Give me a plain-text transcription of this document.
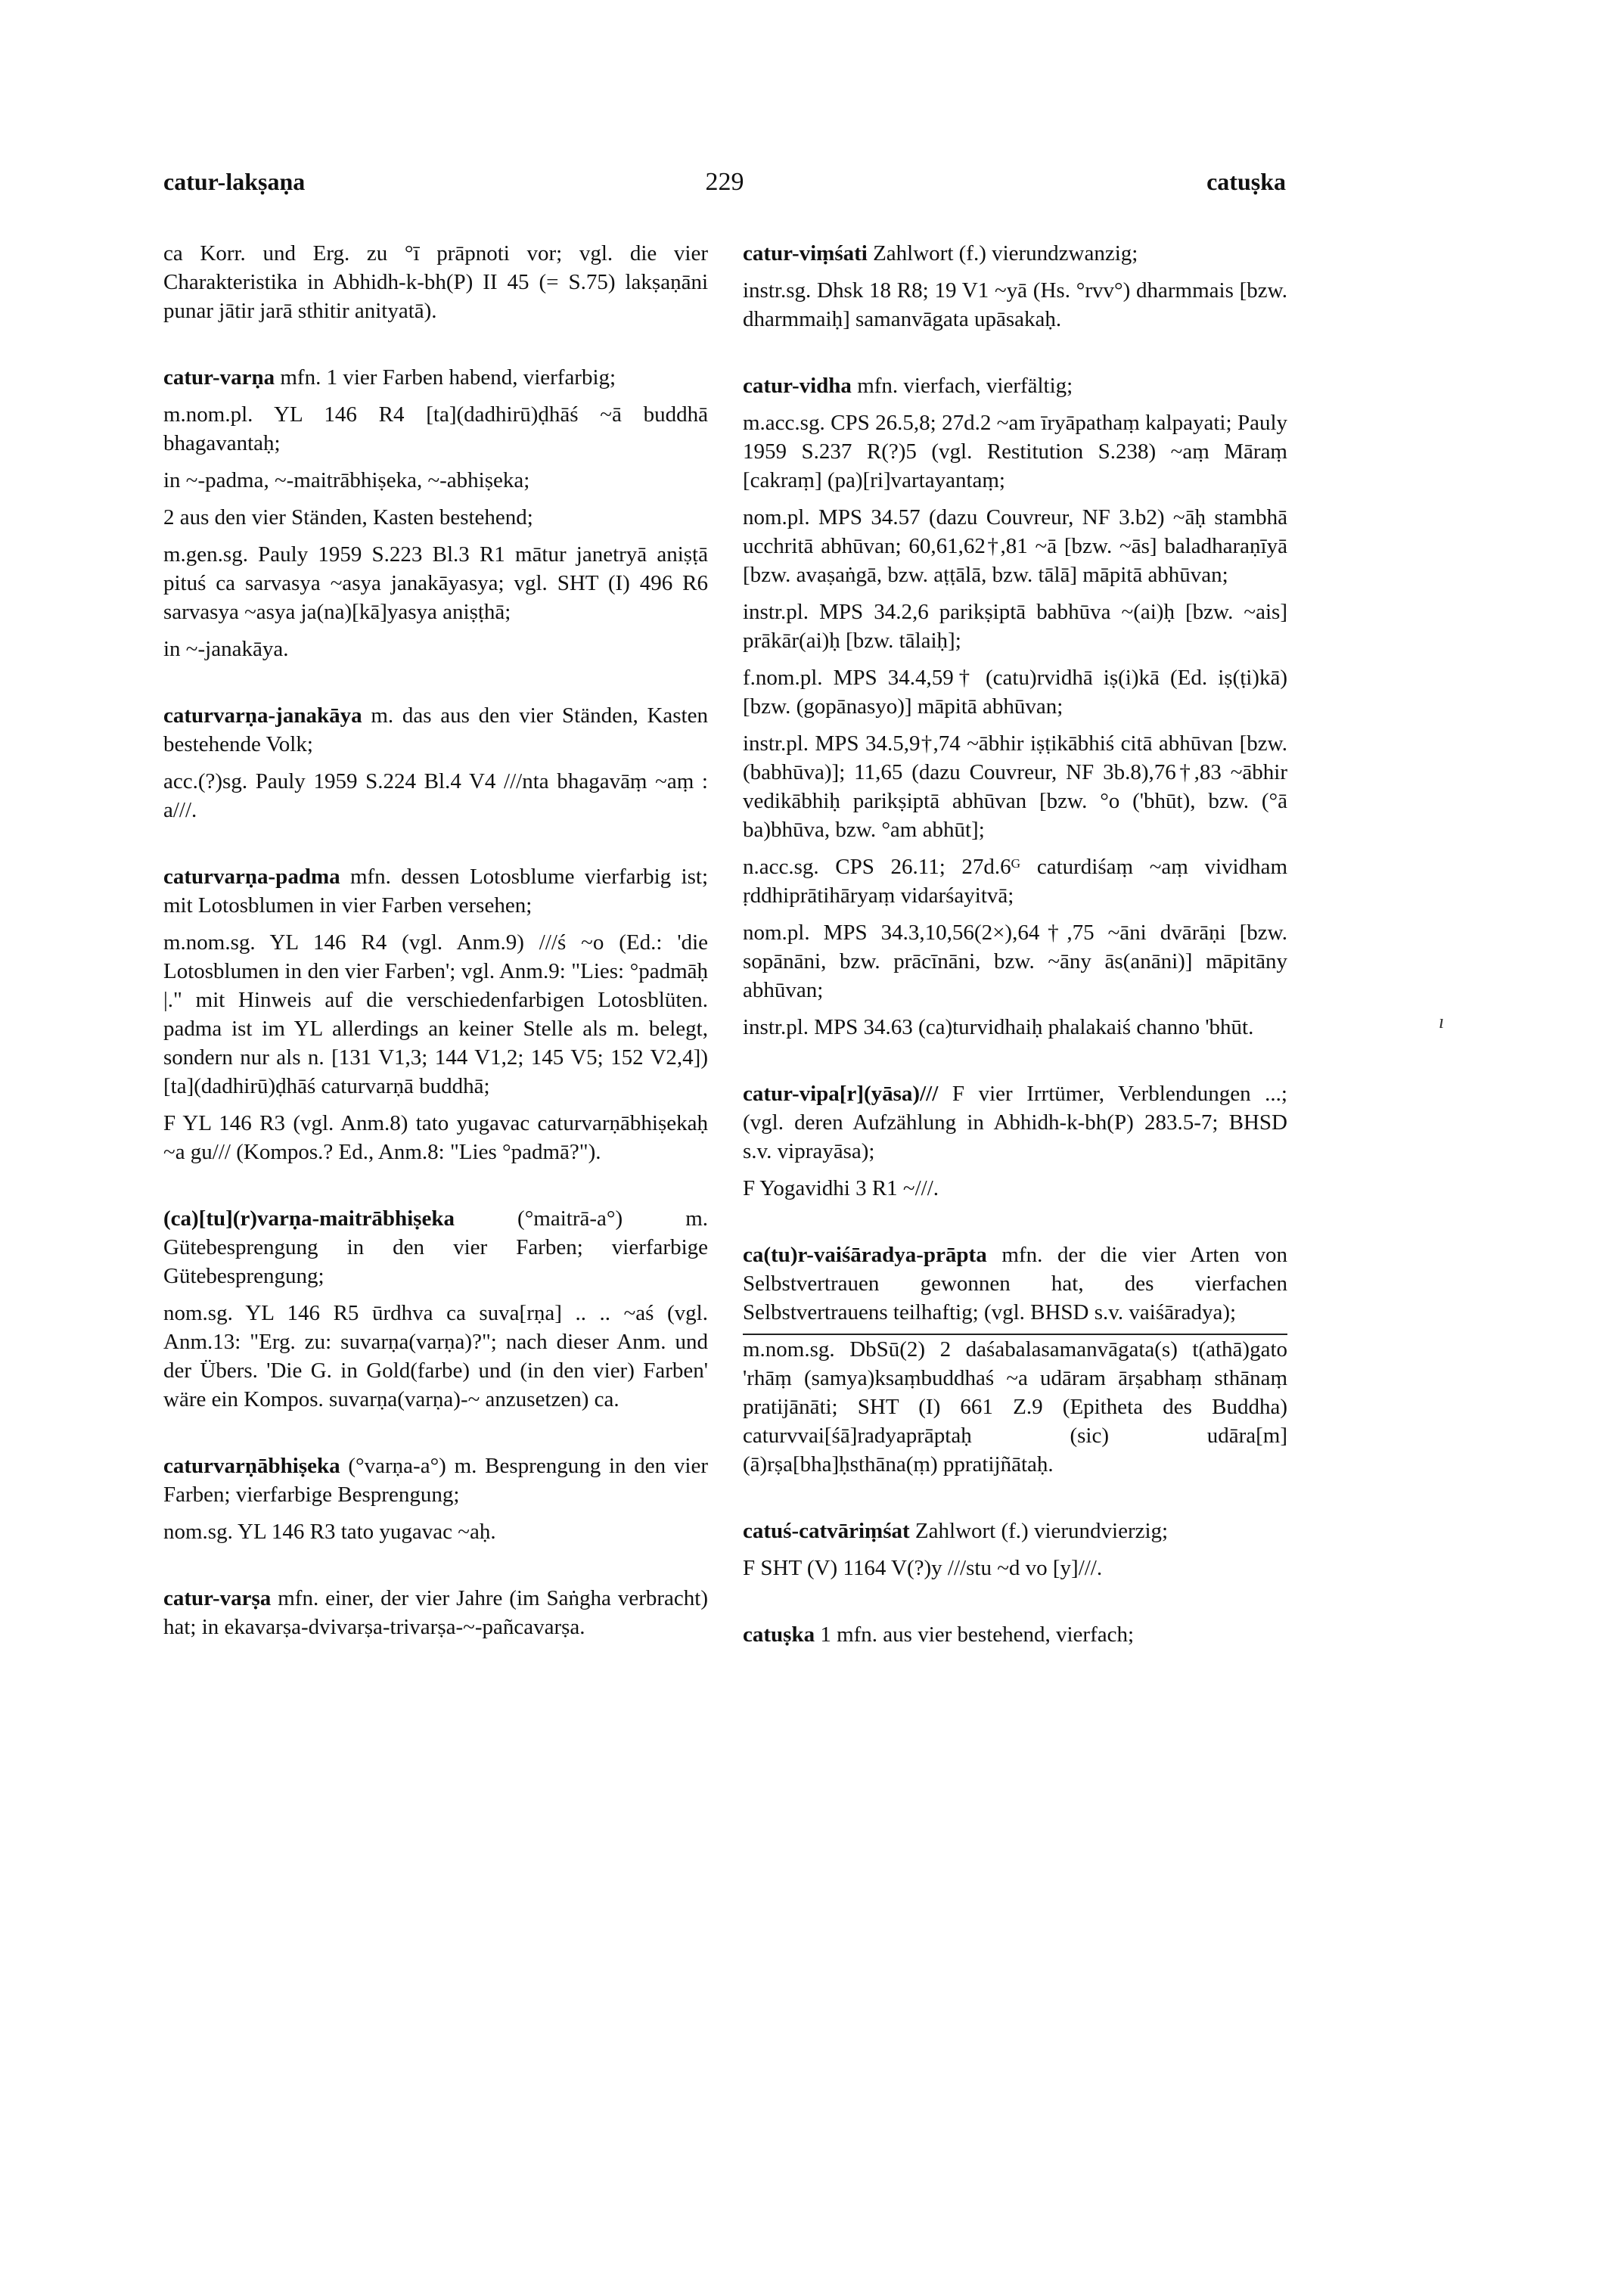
catur-lakṣaṇa	229	catuṣka

ca Korr. und Erg. zu °ī prāpnoti vor; vgl. die vier Charakteristika in Abhidh-k-bh(P) II 45 (= S.75) lakṣaṇāni punar jātir jarā sthitir anityatā).

catur-varṇa mfn. 1 vier Farben habend, vierfarbig;

m.nom.pl. YL 146 R4 [ta](dadhirū)ḍhāś ~ā buddhā bhagavantaḥ;

in ~-padma, ~-maitrābhiṣeka, ~-abhiṣeka;

2 aus den vier Ständen, Kasten bestehend;

m.gen.sg. Pauly 1959 S.223 Bl.3 R1 mātur janetryā aniṣṭā pituś ca sarvasya ~asya janakāyasya; vgl. SHT (I) 496 R6 sarvasya ~asya ja(na)[kā]yasya aniṣṭhā;

in ~-janakāya.

caturvarṇa-janakāya m. das aus den vier Ständen, Kasten bestehende Volk;

acc.(?)sg. Pauly 1959 S.224 Bl.4 V4 ///nta bhagavāṃ ~aṃ : a///.

caturvarṇa-padma mfn. dessen Lotosblume vierfarbig ist; mit Lotosblumen in vier Farben versehen;

m.nom.sg. YL 146 R4 (vgl. Anm.9) ///ś ~o (Ed.: 'die Lotosblumen in den vier Farben'; vgl. Anm.9: "Lies: °padmāḥ |." mit Hinweis auf die verschiedenfarbigen Lotosblüten. padma ist im YL allerdings an keiner Stelle als m. belegt, sondern nur als n. [131 V1,3; 144 V1,2; 145 V5; 152 V2,4]) [ta](dadhirū)ḍhāś caturvarṇā buddhā;

F YL 146 R3 (vgl. Anm.8) tato yugavac caturvarṇābhiṣekaḥ ~a gu/// (Kompos.? Ed., Anm.8: "Lies °padmā?").

(ca)[tu](r)varṇa-maitrābhiṣeka (°maitrā-a°) m. Gütebesprengung in den vier Farben; vierfarbige Gütebesprengung;

nom.sg. YL 146 R5 ūrdhva ca suva[rṇa] .. .. ~aś (vgl. Anm.13: "Erg. zu: suvarṇa(varṇa)?"; nach dieser Anm. und der Übers. 'Die G. in Gold(farbe) und (in den vier) Farben' wäre ein Kompos. suvarṇa(varṇa)-~ anzusetzen) ca.

caturvarṇābhiṣeka (°varṇa-a°) m. Besprengung in den vier Farben; vierfarbige Besprengung;

nom.sg. YL 146 R3 tato yugavac ~aḥ.

catur-varṣa mfn. einer, der vier Jahre (im Saṅgha verbracht) hat; in ekavarṣa-dvivarṣa-trivarṣa-~-pañcavarṣa.

catur-viṃśati Zahlwort (f.) vierundzwanzig;

instr.sg. Dhsk 18 R8; 19 V1 ~yā (Hs. °rvv°) dharmmais [bzw. dharmmaiḥ] samanvāgata upāsakaḥ.

catur-vidha mfn. vierfach, vierfältig;

m.acc.sg. CPS 26.5,8; 27d.2 ~am īryāpathaṃ kalpayati; Pauly 1959 S.237 R(?)5 (vgl. Restitution S.238) ~aṃ Māraṃ [cakraṃ] (pa)[ri]vartayantaṃ;

nom.pl. MPS 34.57 (dazu Couvreur, NF 3.b2) ~āḥ stambhā ucchritā abhūvan; 60,61,62†,81 ~ā [bzw. ~ās] baladharaṇīyā [bzw. avaṣaṅgā, bzw. aṭṭālā, bzw. tālā] māpitā abhūvan;

instr.pl. MPS 34.2,6 parikṣiptā babhūva ~(ai)ḥ [bzw. ~ais] prākār(ai)ḥ [bzw. tālaiḥ];

f.nom.pl. MPS 34.4,59† (catu)rvidhā iṣ(i)kā (Ed. iṣ(ṭi)kā) [bzw. (gopānasyo)] māpitā abhūvan;

instr.pl. MPS 34.5,9†,74 ~ābhir iṣṭikābhiś citā abhūvan [bzw. (babhūva)]; 11,65 (dazu Couvreur, NF 3b.8),76†,83 ~ābhir vedikābhiḥ parikṣiptā abhūvan [bzw. °o ('bhūt), bzw. (°ā ba)bhūva, bzw. °am abhūt];

n.acc.sg. CPS 26.11; 27d.6ᴳ caturdiśaṃ ~aṃ vividham ṛddhiprātihāryaṃ vidarśayitvā;

nom.pl. MPS 34.3,10,56(2×),64†,75 ~āni dvārāṇi [bzw. sopānāni, bzw. prācīnāni, bzw. ~āny ās(anāni)] māpitāny abhūvan;

instr.pl. MPS 34.63 (ca)turvidhaiḥ phalakaiś channo 'bhūt.

catur-vipa[r](yāsa)/// F vier Irrtümer, Verblendungen ...; (vgl. deren Aufzählung in Abhidh-k-bh(P) 283.5-7; BHSD s.v. viprayāsa);

F Yogavidhi 3 R1 ~///.

ca(tu)r-vaiśāradya-prāpta mfn. der die vier Arten von Selbstvertrauen gewonnen hat, des vierfachen Selbstvertrauens teilhaftig; (vgl. BHSD s.v. vaiśāradya);

m.nom.sg. DbSū(2) 2 daśabalasamanvāgata(s) t(athā)gato 'rhāṃ (samya)ksaṃbuddhaś ~a udāram ārṣabhaṃ sthānaṃ pratijānāti; SHT (I) 661 Z.9 (Epitheta des Buddha) caturvvai[śā]radyaprāptaḥ (sic) udāra[m] (ā)rṣa[bha]ḥsthāna(ṃ) ppratijñātaḥ.

catuś-catvāriṃśat Zahlwort (f.) vierundvierzig;

F SHT (V) 1164 V(?)y ///stu ~d vo [y]///.

catuṣka 1 mfn. aus vier bestehend, vierfach;

ı
